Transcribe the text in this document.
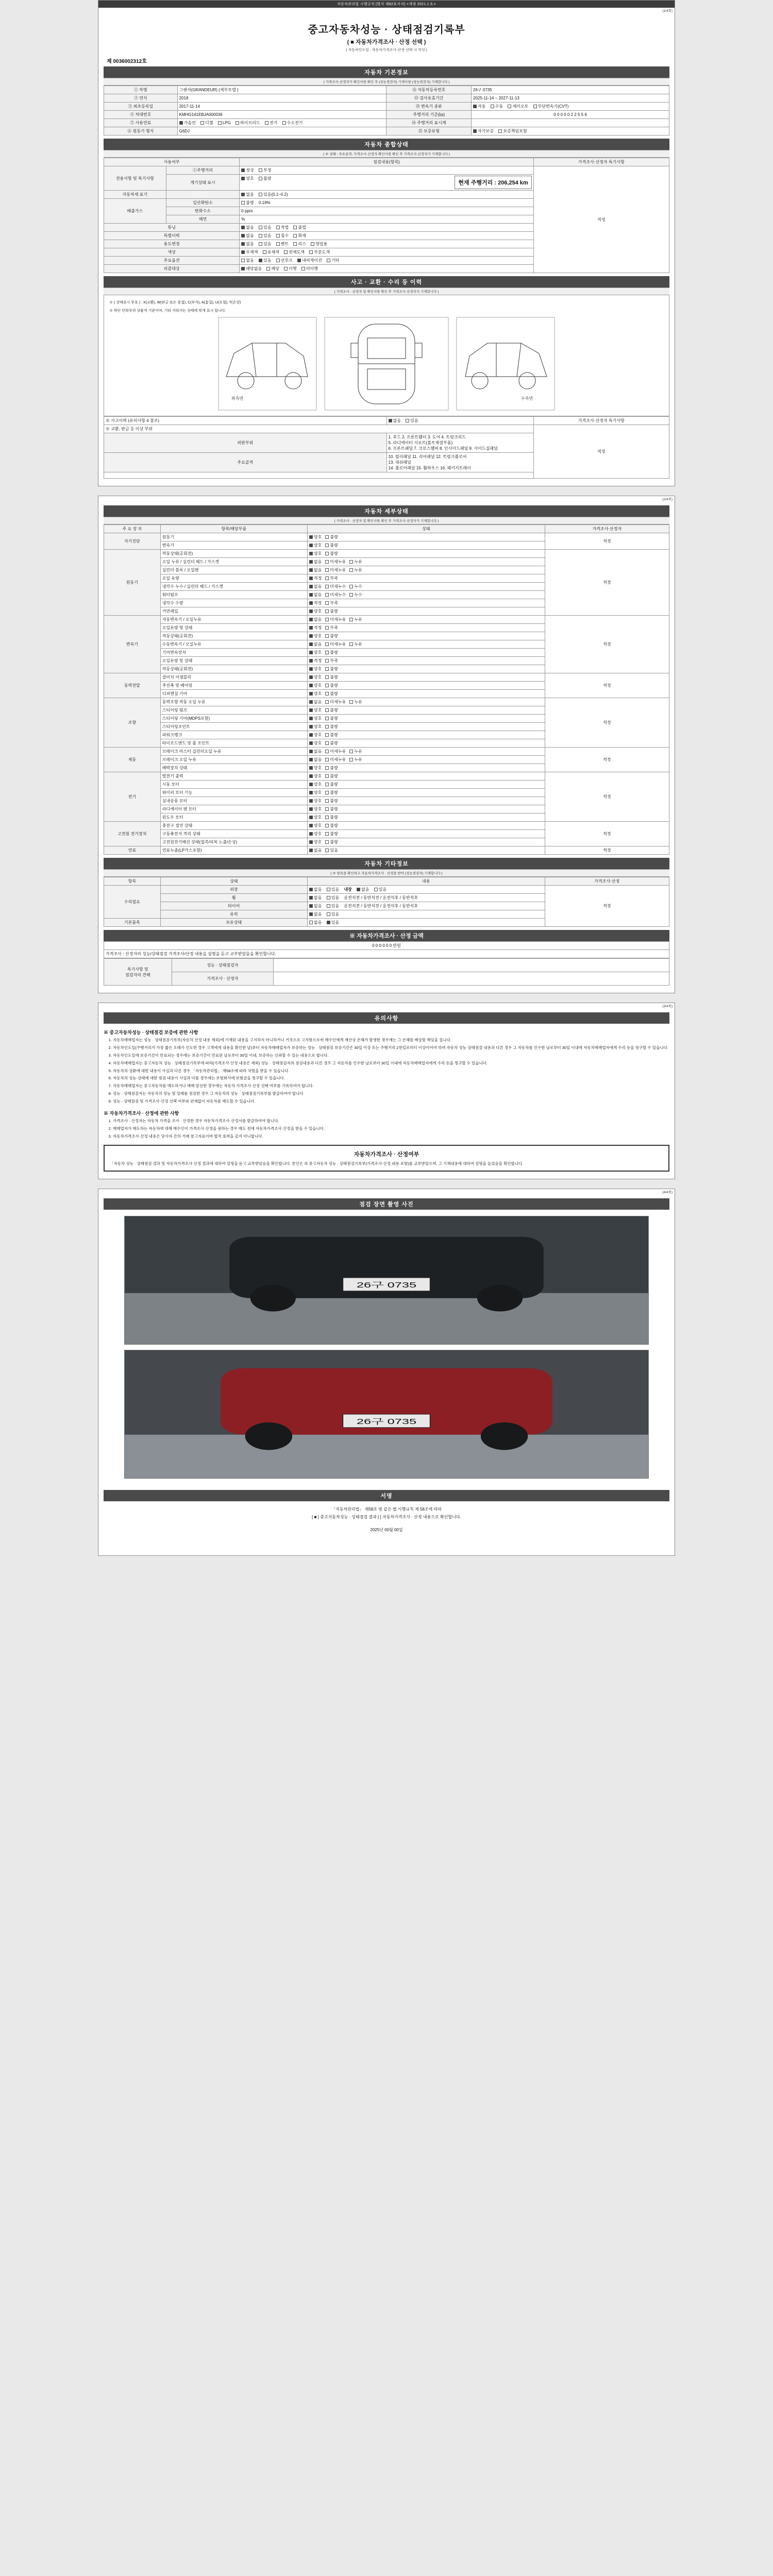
자동차관리법 시행규칙 [별지 제82호서식] <개정 2021.1.5.>
(1/4쪽)
중고자동차성능 · 상태점검기록부
( ■ 자동차가격조사 · 산정 선택 )
( 자동차인도일 : 자동차가격조사·산정 선택 시 작성 )
제 0036002312호
자동차 기본정보
( 가격조사·산정자가 확인사항 확인 후 (성능점검자) 기재사항 (성능점검자) 기재합니다 )
① 차명	그랜저(GRANDEUR) (세부모델 )	⑪ 자동차등록번호	26구 0735
② 연식	2018	⑫ 검사유효기간	2025-11-14 ~ 2027-11-13
③ 최초등록일	2017-11-14	⑬ 변속기 종류	자동 수동 세미오토 무단변속기(CVT)
④ 차대번호	KMHG141EBJA000036	주행거리 기준(㎞)	0 0 0 0 0 2 2 5 5 6
⑤ 사용연료	가솔린 디젤 LPG 하이브리드 전기 수소전기	⑭ 주행거리 표시계	
⑥ 원동기 형식	G6DJ	⑮ 보증유형	자가보증 보증책임보험
자동차 종합상태
( ※ 상태 : 주요골격, 가격조사·산정자 확인사항 확인 후 가격조사·산정자가 기재합니다 )
사용여부		점검내용(항목)	가격조사·산정자 특기사항
전용사항 및 특기사항	①주행거리	정상 부정	적정
	계기상태 표시	양호 불량
현재 주행거리 : 206,254 km	

자동차세 표기		없음 있음(0.1~0.2)	
배출가스	일산화탄소	불량 0.19%	
	탄화수소	0 ppm	
	매연	%	
튜닝		없음 있음 적법 불법	
특별이력		없음 있음 침수 화재	
용도변경		없음 있음 렌트 리스 영업용	
색상		무채색 유채색 전체도색 부분도색	
주요옵션		없음 있음 선루프 내비게이션 기타	
리콜대상		해당없음 해당 이행 미이행	
사고 · 교환 · 수리 등 이력
( 가격조사 · 산정자 및 확인사항 확인 후 가격조사·산정자가 기재합니다 )
※ ( 상태표시 부호 ) : X(교환), W(판금 또는 용접), C(부식), A(흠집), U(요철), T(손상)
※ 하단 단락부위 상품적 기준이며, 기타 지워지는 상태에 맞게 표시 합니다.
좌측면	우측면
※ 사고이력 (유의사항 4 참조)	없음 있음	가격조사·산정자 특기사항
※ 교환, 판금 등 이상 부위		적정
외판부위	1. 후드 2. 프론트휀더 3. 도어 4. 트렁크리드
5. 라디에이터 서포트(볼트체결부품)
6. 프론트패널 7. 크로스맴버 8. 인사이드패널 9. 사이드실패널	

주요골격	10. 필러패널 11. 리어패널 12. 트렁크플로어
13. 대쉬패널
14. 플로어패널 15. 휠하우스 16. 패키지트레이	

(2/4쪽)
자동차 세부상태
( 가격조사 · 산정자 및 확인사항 확인 후 가격조사·산정자가 기재합니다 )
주 요 장 치	항목/해당부품	상태	가격조사·산정자
자기진단	원동기	양호 불량	적정
	변속기	양호 불량	
원동기	작동상태(공회전)	양호 불량	적정
	오일 누유 / 실린더 헤드 / 가스켓	없음 미세누유 누유	
	실린더 블록 / 오일팬	없음 미세누유 누유	
	오일 유량	적정 부족	
	냉각수 누수 / 실린더 헤드 / 가스켓	없음 미세누수 누수	
	워터펌프	없음 미세누수 누수	
	냉각수 수량	적정 부족	
	커먼레일	양호 불량	
변속기	자동변속기 / 오일누유	없음 미세누유 누유	적정
	오일유량 및 상태	적정 부족	
	작동상태(공회전)	양호 불량	
	수동변속기 / 오일누유	없음 미세누유 누유	
	기어변속장치	양호 불량	
	오일유량 및 상태	적정 부족	
	작동상태(공회전)	양호 불량	
동력전달	클러치 어셈블리	양호 불량	적정
	추진축 및 베어링	양호 불량	
	디퍼렌셜 기어	양호 불량	
조향	동력조향 작동 오일 누유	없음 미세누유 누유	적정
	스티어링 펌프	양호 불량	
	스티어링 기어(MDPS포함)	양호 불량	
	스티어링조인트	양호 불량	
	파워크랭크	양호 불량	
	타이로드엔드 및 볼 조인트	양호 불량	
제동	브레이크 마스터 실린더오일 누유	없음 미세누유 누유	적정
	브레이크 오일 누유	없음 미세누유 누유	
	배력장치 상태	양호 불량	
전기	발전기 출력	양호 불량	적정
	시동 모터	양호 불량	
	와이퍼 모터 기능	양호 불량	
	실내송풍 모터	양호 불량	
	라디에이터 팬 모터	양호 불량	
	윈도우 모터	양호 불량	
고전원 전기장치	충전구 절연 상태	양호 불량	적정
	구동축전지 격리 상태	양호 불량	
	고전원전기배선 상태(접촉/피복 노출/손상)	양호 불량	
연료	연료누출(LP가스포함)	없음 있음	적정
자동차 기타정보
( ※ 항목을 확인하고 자동차가격조사 · 산정을 받아 (성능점검자) 기재합니다 )
항목	상태	내용	가격조사·산정
수리필요	외장	없음 있음 내장 없음 있음	적정
	휠	없음 있음 운전석전 / 동반석전 / 운전석후 / 동반석후	
	타이어	없음 있음 운전석전 / 동반석전 / 운전석후 / 동반석후	
	유리	없음 있음	
기본품목	보유상태	없음 있음	
※ 자동차가격조사 · 산정 금액
0 0 0 0 0 0 만원
가격조사 · 산정자의 성능/상태점검 가격조사/산정 내용을 설명을 듣고 교부받았음을 확인합니다.
특기사항 및
점검자의 견해	성능 · 상태점검자	
	가격조사 · 산정자	
(3/4쪽)
유의사항
※ 중고자동차성능 · 상태점검 보증에 관한 사항
1. 자동차매매업자는 성능 · 상태점검기록부(자동차 산정 내용 제외)에 기재된 내용을 고지하지 아니하거나 거짓으로 고지함으로써 매수인에게 재산상 손해가 발생한 경우에는 그 손해를 배상할 책임을 집니다.
2. 자동차인도일(주행거리가 가장 짧은 오래가 인도한 경우 고객에게 내용을 확인한 날)부터 자동차매매업자가 보증하는 성능 · 상태점검 보증기간은 30일 이상 또는 주행거리 2천킬로미터 이상이어야 하며 자동차 성능·상태점검 내용과 다른 경우 그 자동차를 인수한 날로부터 30일 이내에 자동차매매업자에게 수리 등을 청구할 수 있습니다.
3. 자동차인도일에 보증기간이 만료되는 경우에는 보증기간이 만료된 날로부터 30일 이내, 보증하는 신뢰할 수 있는 내용으로 합니다.
4. 자동차매매업자는 중고자동차 성능 · 상태점검기록부에 따라(가격조사·산정 내용은 제외) 성능 · 상태점검자의 점검내용과 다른 경우 그 자동차를 인수한 날로부터 30일 이내에 자동차매매업자에게 수리 등을 청구할 수 있습니다.
5. 자동차의 상환에 대한 내용이 사실과 다른 경우 「자동차관리법」 제58조에 따라 처벌을 받을 수 있습니다.
6. 자동차의 성능·상태에 대한 점검 내용이 사실과 다를 경우에는 보험회사에 보험금을 청구할 수 있습니다.
7. 자동차매매업자는 중고자동차를 매도하거나 매매 알선한 경우에는 자동차 가격조사·산정 선택 여부를 기록하여야 합니다.
8. 성능 · 상태점검자는 자동차의 성능 및 상태를 점검한 경우 그 자동차의 성능 · 상태점검기록부를 발급하여야 합니다.
9. 성능 · 상태점검 및 가격조사·산정 선택 여부와 관계없이 자동차를 매도할 수 있습니다.
※ 자동차가격조사 · 산정에 관한 사항
1. 가격조사 · 산정자는 자동차 가격을 조사 · 산정한 경우 자동차가격조사·산정서를 발급하여야 합니다.
2. 매매업자가 매도하는 자동차에 대해 매수인이 가격조사·산정을 원하는 경우 매도 전에 자동차가격조사·산정을 받을 수 있습니다.
3. 자동차가격조사·산정 내용은 당사자 간의 거래 참고자료이며 법적 효력을 갖지 아니합니다.
자동차가격조사 · 산정여부
「자동차 성능 · 상태점검 결과 및 자동차가격조사·산정 결과에 대하여 설명을 듣고 교부받았음을 확인합니다. 본인은 위 중고자동차 성능 · 상태점검기록부(가격조사·산정 내용 포함)를 교부받았으며, 그 기재내용에 대하여 설명을 들었음을 확인합니다.
(4/4쪽)
점검 장면 촬영 사진
26구 0735
26구 0735
서명
「자동차관리법」 제58조 및 같은 법 시행규칙 제 58조에 따라
[ ■ ] 중고자동차성능 · 상태점검 결과 [ ] 자동차가격조사 · 산정 내용으로 확인합니다.
2025년 00월 00일
